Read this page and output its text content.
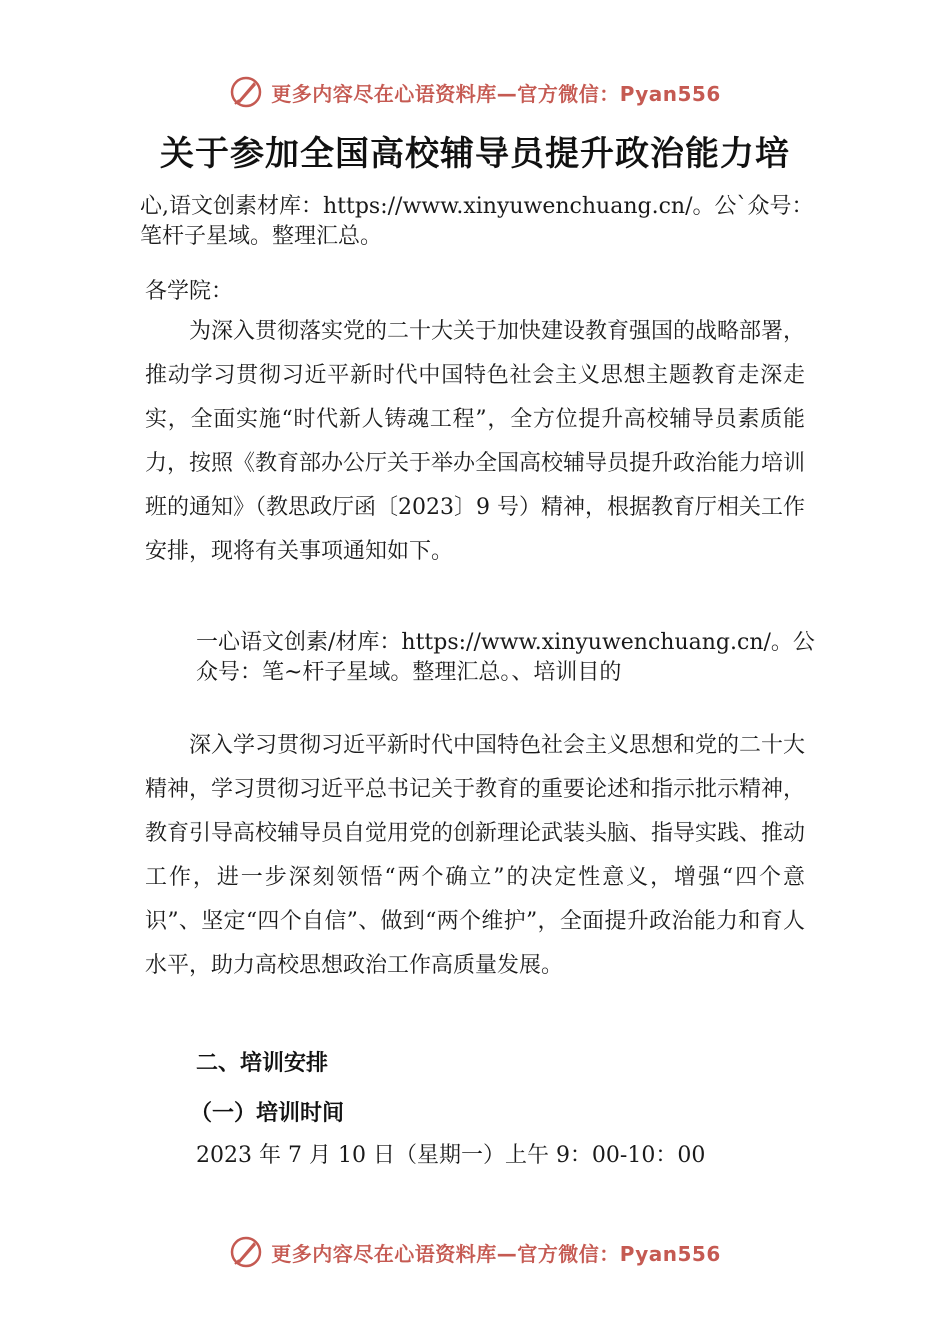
更多内容尽在心语资料库—官方微信：Pyan556
关于参加全国高校辅导员提升政治能力培
心,语文创素材库：https://www.xinyuwenchuang.cn/。公`众号：笔杆子星域。整理汇总。
各学院：
为深入贯彻落实党的二十大关于加快建设教育强国的战略部署，推动学习贯彻习近平新时代中国特色社会主义思想主题教育走深走实，全面实施“时代新人铸魂工程”，全方位提升高校辅导员素质能力，按照《教育部办公厅关于举办全国高校辅导员提升政治能力培训班的通知》（教思政厅函〔2023〕9 号）精神，根据教育厅相关工作安排，现将有关事项通知如下。
一心语文创素/材库：https://www.xinyuwenchuang.cn/。公众号：笔~杆子星域。整理汇总。、培训目的
深入学习贯彻习近平新时代中国特色社会主义思想和党的二十大精神，学习贯彻习近平总书记关于教育的重要论述和指示批示精神，教育引导高校辅导员自觉用党的创新理论武装头脑、指导实践、推动工作，进一步深刻领悟“两个确立”的决定性意义，增强“四个意识”、坚定“四个自信”、做到“两个维护”，全面提升政治能力和育人水平，助力高校思想政治工作高质量发展。
二、培训安排
（一）培训时间
2023 年 7 月 10 日（星期一）上午 9：00-10：00
更多内容尽在心语资料库—官方微信：Pyan556
